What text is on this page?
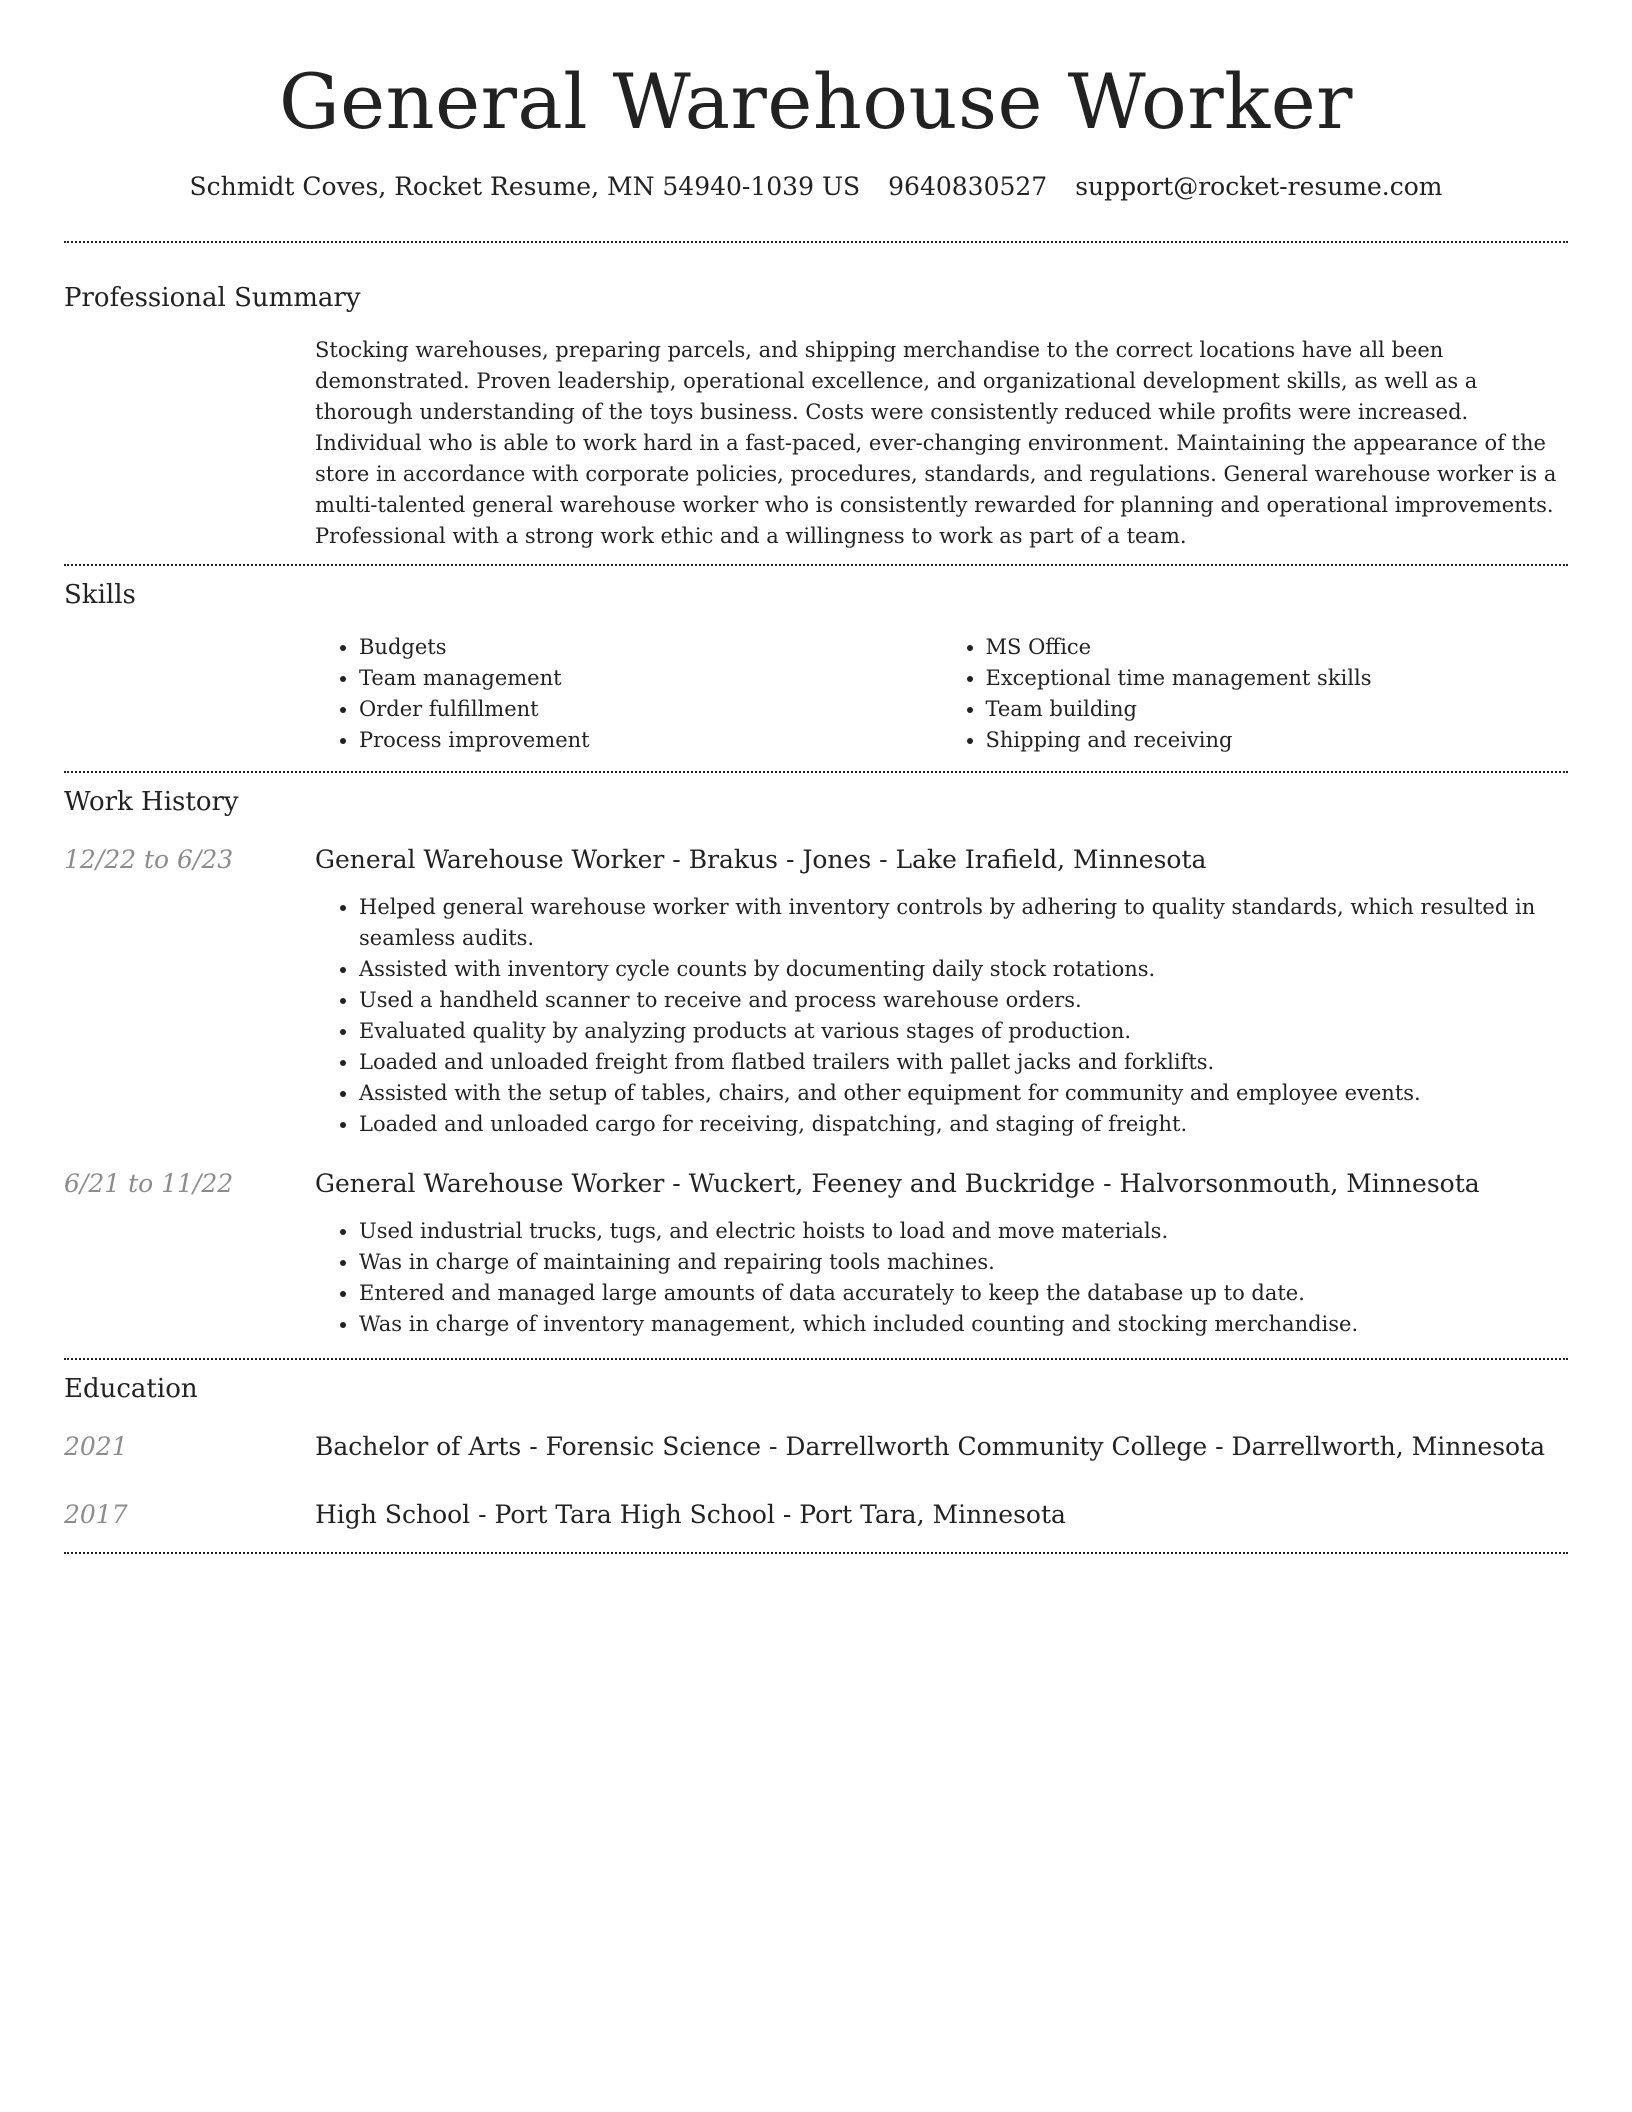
General Warehouse Worker
Schmidt Coves, Rocket Resume, MN 54940-1039 US 9640830527 support@rocket-resume.com
Professional Summary

Stocking warehouses, preparing parcels, and shipping merchandise to the correct locations have all been demonstrated. Proven leadership, operational excellence, and organizational development skills, as well as a thorough understanding of the toys business. Costs were consistently reduced while profits were increased. Individual who is able to work hard in a fast-paced, ever-changing environment. Maintaining the appearance of the store in accordance with corporate policies, procedures, standards, and regulations. General warehouse worker is a multi-talented general warehouse worker who is consistently rewarded for planning and operational improvements. Professional with a strong work ethic and a willingness to work as part of a team.

Skills
• Budgets
• Team management
• Order fulfillment
• Process improvement
• MS Office
• Exceptional time management skills
• Team building
• Shipping and receiving
Work History
12/22 to 6/23	General Warehouse Worker - Brakus - Jones - Lake Irafield, Minnesota
• Helped general warehouse worker with inventory controls by adhering to quality standards, which resulted in seamless audits.
• Assisted with inventory cycle counts by documenting daily stock rotations.
• Used a handheld scanner to receive and process warehouse orders.
• Evaluated quality by analyzing products at various stages of production.
• Loaded and unloaded freight from flatbed trailers with pallet jacks and forklifts.
• Assisted with the setup of tables, chairs, and other equipment for community and employee events.
• Loaded and unloaded cargo for receiving, dispatching, and staging of freight.
6/21 to 11/22	General Warehouse Worker - Wuckert, Feeney and Buckridge - Halvorsonmouth, Minnesota
• Used industrial trucks, tugs, and electric hoists to load and move materials.
• Was in charge of maintaining and repairing tools machines.
• Entered and managed large amounts of data accurately to keep the database up to date.
• Was in charge of inventory management, which included counting and stocking merchandise.
Education
2021	Bachelor of Arts - Forensic Science - Darrellworth Community College - Darrellworth, Minnesota
2017	High School - Port Tara High School - Port Tara, Minnesota
